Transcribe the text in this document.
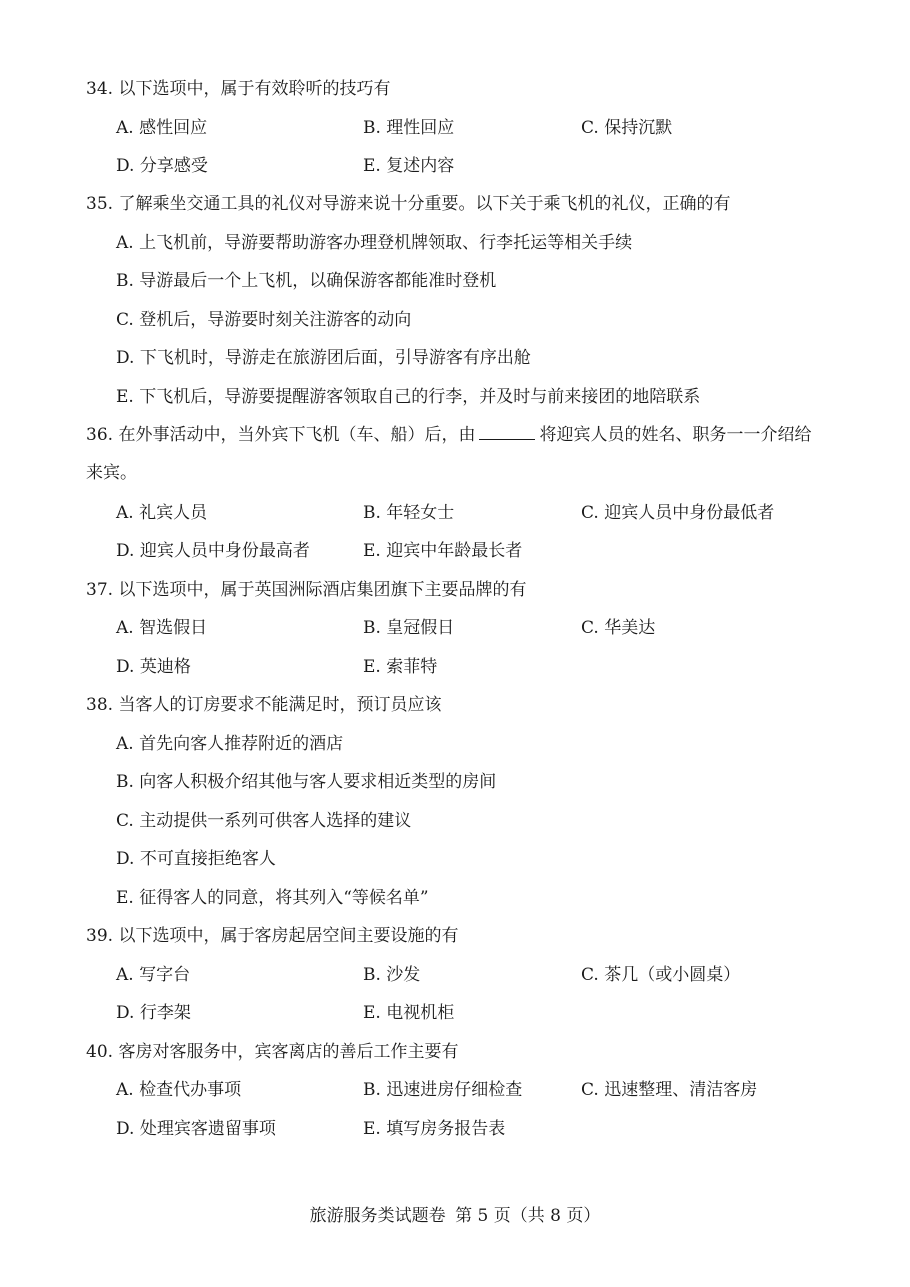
34. 以下选项中，属于有效聆听的技巧有
A. 感性回应	B. 理性回应	C. 保持沉默
D. 分享感受	E. 复述内容
35. 了解乘坐交通工具的礼仪对导游来说十分重要。以下关于乘飞机的礼仪，正确的有
A. 上飞机前，导游要帮助游客办理登机牌领取、行李托运等相关手续
B. 导游最后一个上飞机，以确保游客都能准时登机
C. 登机后，导游要时刻关注游客的动向
D. 下飞机时，导游走在旅游团后面，引导游客有序出舱
E. 下飞机后，导游要提醒游客领取自己的行李，并及时与前来接团的地陪联系
36. 在外事活动中，当外宾下飞机（车、船）后，由	将迎宾人员的姓名、职务一一介绍给来宾。
A. 礼宾人员	B. 年轻女士	C. 迎宾人员中身份最低者
D. 迎宾人员中身份最高者	E. 迎宾中年龄最长者
37. 以下选项中，属于英国洲际酒店集团旗下主要品牌的有
A. 智选假日	B. 皇冠假日	C. 华美达
D. 英迪格	E. 索菲特
38. 当客人的订房要求不能满足时，预订员应该
A. 首先向客人推荐附近的酒店
B. 向客人积极介绍其他与客人要求相近类型的房间
C. 主动提供一系列可供客人选择的建议
D. 不可直接拒绝客人
E. 征得客人的同意，将其列入“等候名单”
39. 以下选项中，属于客房起居空间主要设施的有
A. 写字台	B. 沙发	C. 茶几（或小圆桌）
D. 行李架	E. 电视机柜
40. 客房对客服务中，宾客离店的善后工作主要有
A. 检查代办事项	B. 迅速进房仔细检查	C. 迅速整理、清洁客房
D. 处理宾客遗留事项	E. 填写房务报告表
旅游服务类试题卷 第 5 页（共 8 页）
